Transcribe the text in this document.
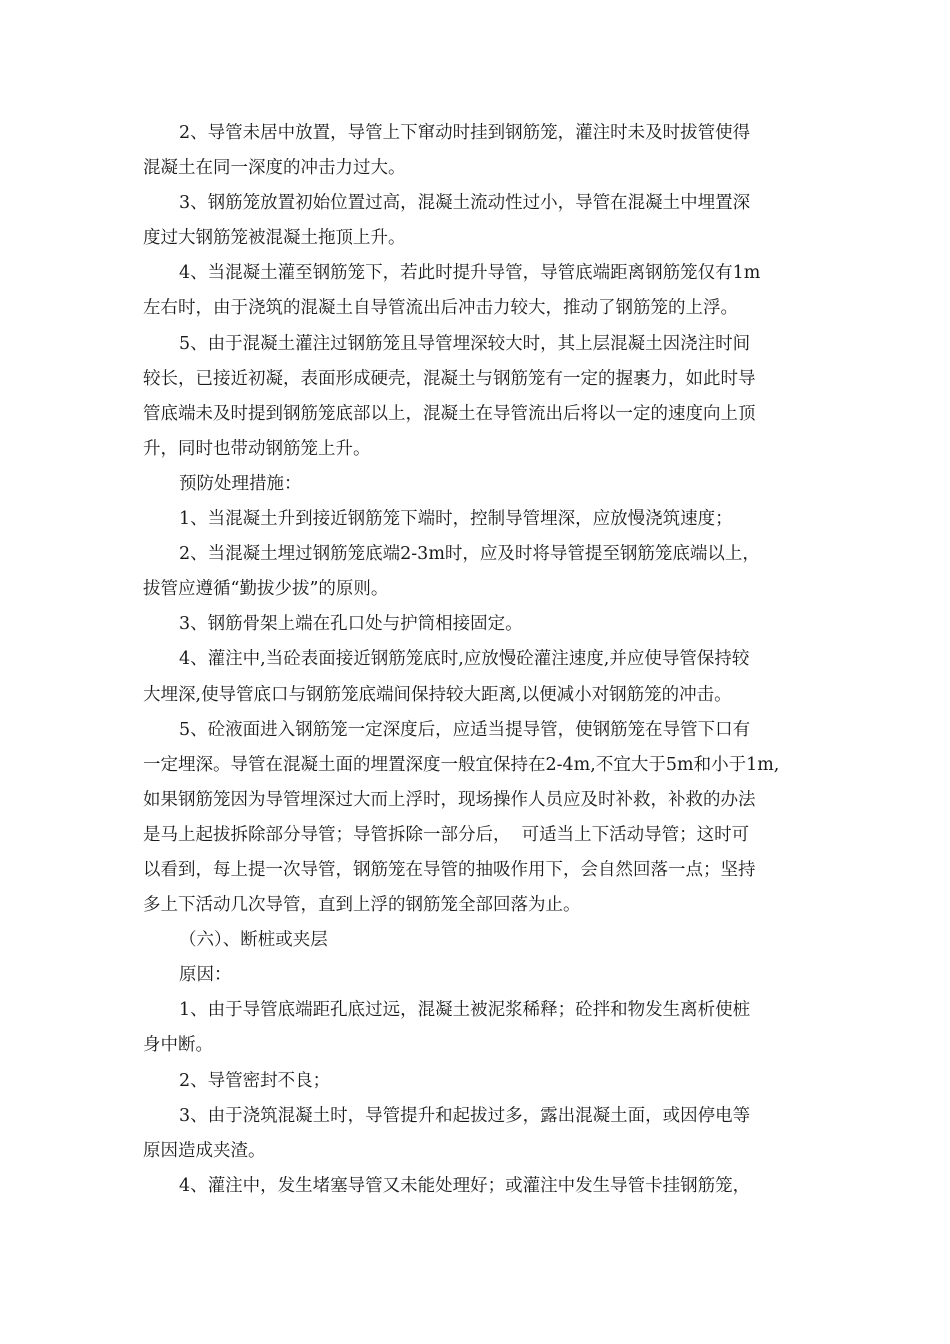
2、导管未居中放置，导管上下窜动时挂到钢筋笼，灌注时未及时拔管使得
混凝土在同一深度的冲击力过大。

3、钢筋笼放置初始位置过高，混凝土流动性过小，导管在混凝土中埋置深
度过大钢筋笼被混凝土拖顶上升。

4、当混凝土灌至钢筋笼下，若此时提升导管，导管底端距离钢筋笼仅有1m
左右时，由于浇筑的混凝土自导管流出后冲击力较大，推动了钢筋笼的上浮。

5、由于混凝土灌注过钢筋笼且导管埋深较大时，其上层混凝土因浇注时间
较长，已接近初凝，表面形成硬壳，混凝土与钢筋笼有一定的握裹力，如此时导
管底端未及时提到钢筋笼底部以上，混凝土在导管流出后将以一定的速度向上顶
升，同时也带动钢筋笼上升。

预防处理措施：

1、当混凝土升到接近钢筋笼下端时，控制导管埋深，应放慢浇筑速度；

2、当混凝土埋过钢筋笼底端2-3m时，应及时将导管提至钢筋笼底端以上，
拔管应遵循“勤拔少拔”的原则。

3、钢筋骨架上端在孔口处与护筒相接固定。

4、灌注中,当砼表面接近钢筋笼底时,应放慢砼灌注速度,并应使导管保持较
大埋深,使导管底口与钢筋笼底端间保持较大距离,以便减小对钢筋笼的冲击。

5、砼液面进入钢筋笼一定深度后，应适当提导管，使钢筋笼在导管下口有
一定埋深。导管在混凝土面的埋置深度一般宜保持在2-4m,不宜大于5m和小于1m,
如果钢筋笼因为导管埋深过大而上浮时，现场操作人员应及时补救，补救的办法
是马上起拔拆除部分导管；导管拆除一部分后，  可适当上下活动导管；这时可
以看到，每上提一次导管，钢筋笼在导管的抽吸作用下，会自然回落一点；坚持
多上下活动几次导管，直到上浮的钢筋笼全部回落为止。

（六）、断桩或夹层

原因：

1、由于导管底端距孔底过远，混凝土被泥浆稀释；砼拌和物发生离析使桩
身中断。

2、导管密封不良；

3、由于浇筑混凝土时，导管提升和起拔过多，露出混凝土面，或因停电等
原因造成夹渣。

4、灌注中，发生堵塞导管又未能处理好；或灌注中发生导管卡挂钢筋笼，
